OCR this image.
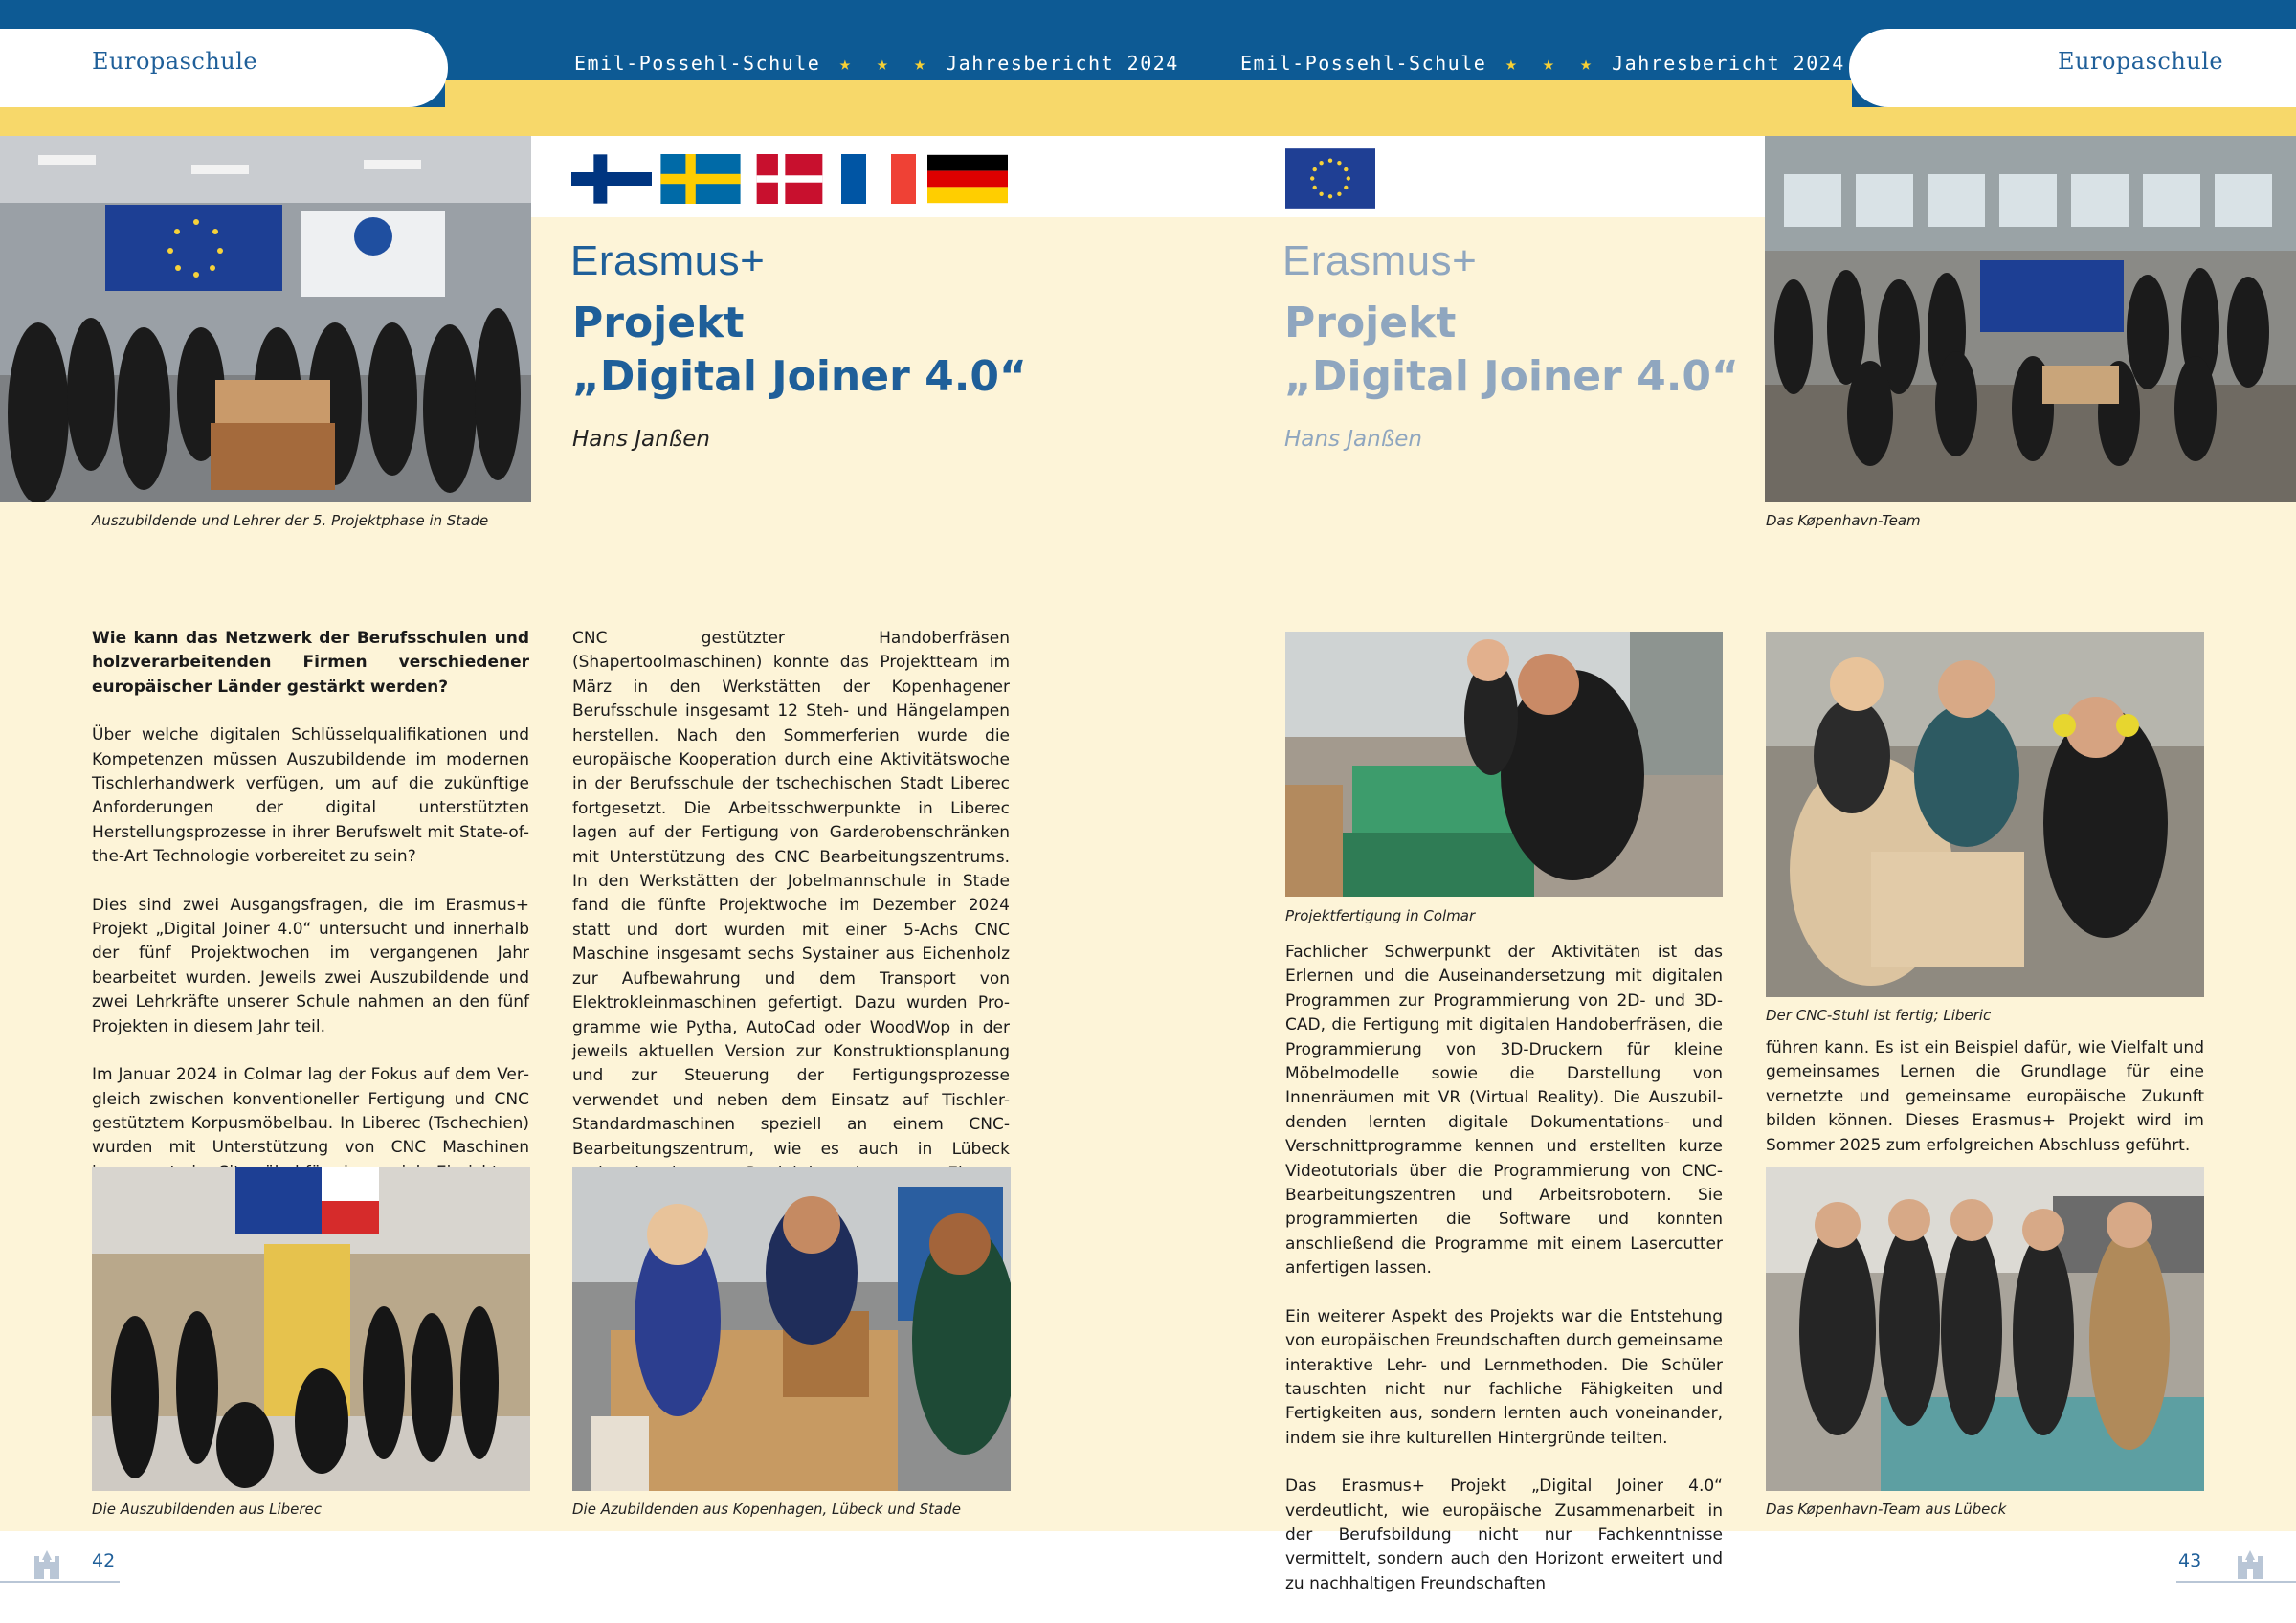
Europaschule	Europaschule
Emil-Possehl-Schule ★ ★ ★ Jahresbericht 2024	Emil-Possehl-Schule ★ ★ ★ Jahresbericht 2024
Auszubildende und Lehrer der 5. Projektphase in Stade
Erasmus+
Projekt
„Digital Joiner 4.0“
Hans Janßen

Wie kann das Netzwerk der Berufsschulen und holzverarbeitenden Firmen verschiedener europäischer Länder gestärkt werden?

Über welche digitalen Schlüsselqualifikationen und Kompetenzen müssen Auszubildende im modernen Tischlerhandwerk verfügen, um auf die zukünftige Anforderungen der digital unterstützten Herstellungsprozesse in ihrer Berufswelt mit State-of-the-Art Technologie vorbereitet zu sein?

Dies sind zwei Ausgangsfragen, die im Erasmus+ Projekt „Digital Joiner 4.0“ untersucht und innerhalb der fünf Projektwochen im vergangenen Jahr bearbeitet wurden. Jeweils zwei Auszubildende und zwei Lehrkräfte unserer Schule nahmen an den fünf Projekten in diesem Jahr teil.

Im Januar 2024 in Colmar lag der Fokus auf dem Vergleich zwischen konventioneller Fertigung und CNC gestütztem Korpusmöbelbau. In Liberec (Tschechien) wurden mit Unterstützung von CNC Maschinen

CNC gestützter Handoberfräsen (Shapertoolmaschinen) konnte das Projektteam im März in den Werkstätten der Kopenhagener Berufsschule insgesamt 12 Steh- und Hängelampen herstellen. Nach den Sommerferien wurde die europäische Kooperation durch eine Aktivitätswoche in der Berufsschule der tschechischen Stadt Liberec fortgesetzt. Die Arbeitsschwerpunkte in Liberec lagen auf der Fertigung von Garderobenschränken mit Unterstützung des CNC Bearbeitungszentrums. In den Werkstätten der Jobelmannschule in Stade fand die fünfte Projektwoche im Dezember 2024 statt und dort wurden mit einer 5-Achs CNC Maschine insgesamt sechs Systainer aus Eichenholz zur Aufbewahrung und dem Transport von Elektrokleinmaschinen gefertigt. Dazu wurden Programme wie Pytha, AutoCad oder WoodWop in der jeweils aktuellen Version zur Konstruktionsplanung und zur Steuerung der Fertigungsprozesse verwendet und neben dem Einsatz auf Tischler-Standardmaschinen speziell an einem CNC-Bearbeitungszentrum, wie es auch in Lübeck

Die Auszubildenden aus Liberec	Die Azubildenden aus Kopenhagen, Lübeck und Stade
Erasmus+
Projekt
„Digital Joiner 4.0“
Hans Janßen
Das Køpenhavn-Team
Projektfertigung in Colmar

Fachlicher Schwerpunkt der Aktivitäten ist das Erlernen und die Auseinandersetzung mit digitalen Programmen zur Programmierung von 2D- und 3D-CAD, die Fertigung mit digitalen Handoberfräsen, die Programmierung von 3D-Druckern für kleine Möbelmodelle sowie die Darstellung von Innenräumen mit VR (Virtual Reality). Die Auszubildenden lernten digitale Dokumentations- und Verschnittprogramme kennen und erstellten kurze Videotutorials über die Programmierung von CNC-Bearbeitungszentren und Arbeitsrobotern. Sie programmierten die Software und konnten anschließend die Programme mit einem Lasercutter anfertigen lassen.

Ein weiterer Aspekt des Projekts war die Entstehung von europäischen Freundschaften durch gemeinsame interaktive Lehr- und Lernmethoden. Die Schüler tauschten nicht nur fachliche Fähigkeiten und Fertigkeiten aus, sondern lernten auch voneinander, indem sie ihre kulturellen Hintergründe teilten.

Das Erasmus+ Projekt „Digital Joiner 4.0“ verdeutlicht, wie europäische Zusammenarbeit in der Berufsbildung nicht nur Fachkenntnisse vermittelt, sondern auch den Horizont erweitert und zu nachhaltigen Freundschaften

Der CNC-Stuhl ist fertig; Liberic

führen kann. Es ist ein Beispiel dafür, wie Vielfalt und gemeinsames Lernen die Grundlage für eine vernetzte und gemeinsame europäische Zukunft bilden können. Dieses Erasmus+ Projekt wird im Sommer 2025 zum erfolgreichen Abschluss geführt.

Das Køpenhavn-Team aus Lübeck
42	43
